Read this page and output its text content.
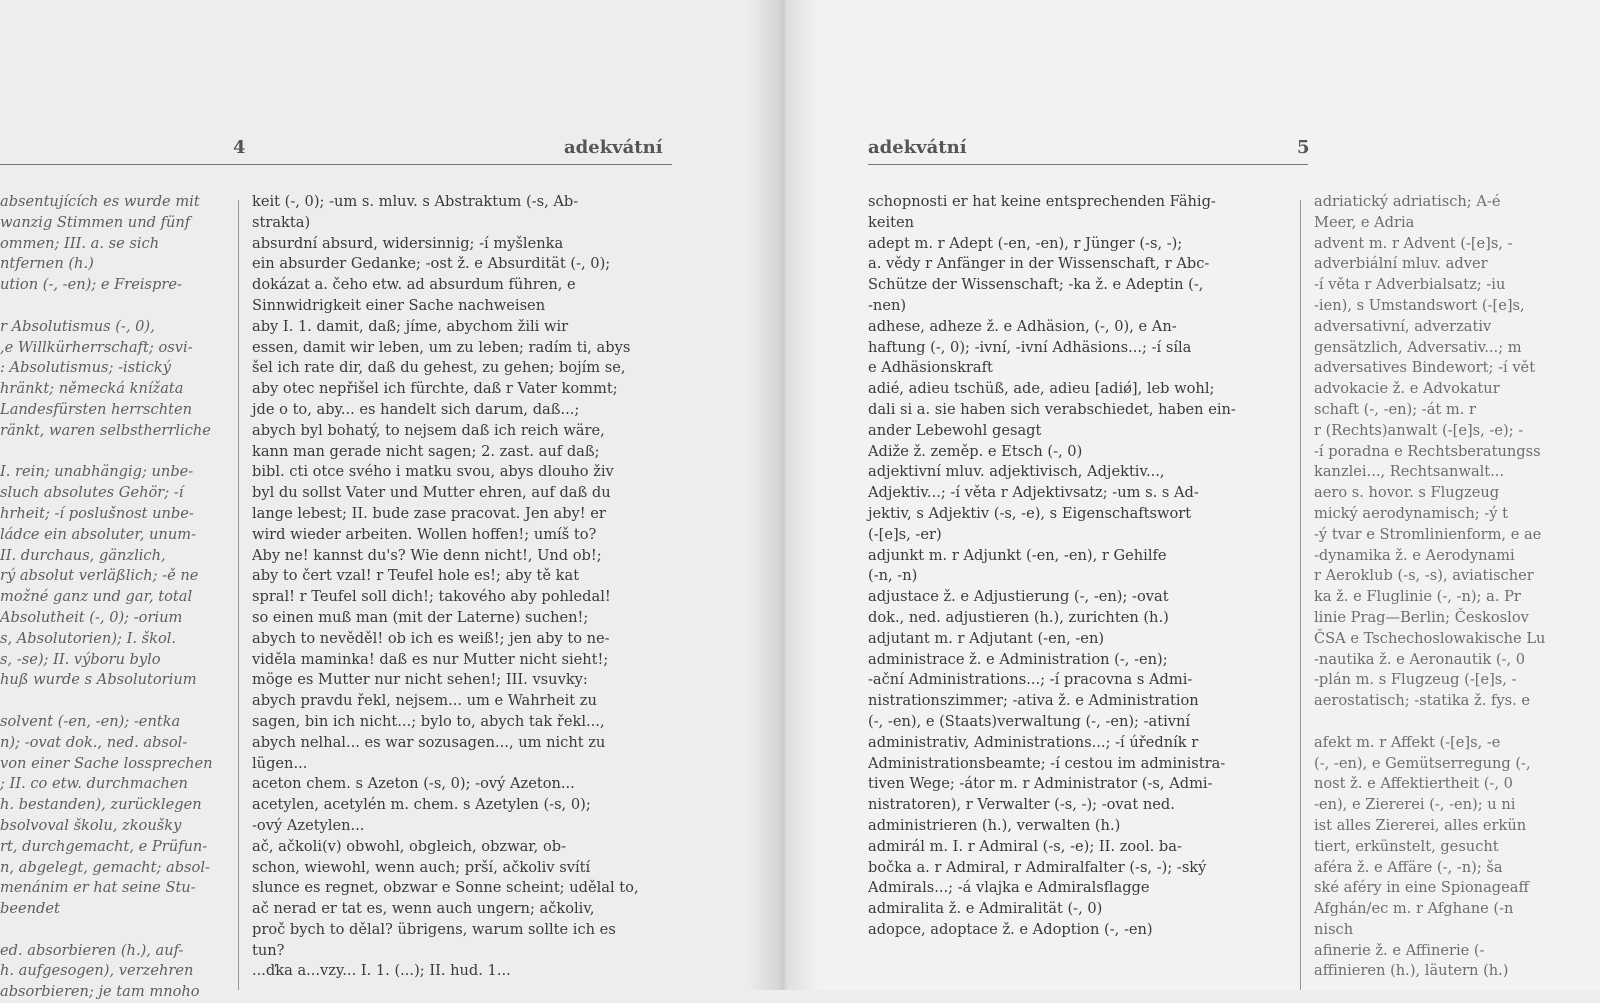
4	adekvátní
absentujících es wurde mit
wanzig Stimmen und fünf
ommen; III. a. se sich
ntfernen (h.)
ution (-, -en); e Freispre-
r Absolutismus (-, 0),
,e Willkürherrschaft; osvi-
: Absolutismus; -istický
hränkt; německá knížata
Landesfürsten herrschten
ränkt, waren selbstherrliche
I. rein; unabhängig; unbe-
sluch absolutes Gehör; -í
hrheit; -í poslušnost unbe-
ládce ein absoluter, unum-
II. durchaus, gänzlich,
rý absolut verläßlich; -ě ne
možné ganz und gar, total
Absolutheit (-, 0); -orium
s, Absolutorien); I. škol.
s, -se); II. výboru bylo
huß wurde s Absolutorium
solvent (-en, -en); -entka
n); -ovat dok., ned. absol-
von einer Sache lossprechen
; II. co etw. durchmachen
h. bestanden), zurücklegen
bsolvoval školu, zkoušky
rt, durchgemacht, e Prüfun-
n, abgelegt, gemacht; absol-
menánim er hat seine Stu-
beendet
ed. absorbieren (h.), auf-
h. aufgesogen), verzehren
absorbieren; je tam mnoho
keit (-, 0); -um s. mluv. s Abstraktum (-s, Ab-
strakta)
absurdní absurd, widersinnig; -í myšlenka
ein absurder Gedanke; -ost ž. e Absurdität (-, 0);
dokázat a. čeho etw. ad absurdum führen, e
Sinnwidrigkeit einer Sache nachweisen
aby I. 1. damit, daß; jíme, abychom žili wir
essen, damit wir leben, um zu leben; radím ti, abys
šel ich rate dir, daß du gehest, zu gehen; bojím se,
aby otec nepřišel ich fürchte, daß r Vater kommt;
jde o to, aby... es handelt sich darum, daß...;
abych byl bohatý, to nejsem daß ich reich wäre,
kann man gerade nicht sagen; 2. zast. auf daß;
bibl. cti otce svého i matku svou, abys dlouho živ
byl du sollst Vater und Mutter ehren, auf daß du
lange lebest; II. bude zase pracovat. Jen aby! er
wird wieder arbeiten. Wollen hoffen!; umíš to?
Aby ne! kannst du's? Wie denn nicht!, Und ob!;
aby to čert vzal! r Teufel hole es!; aby tě kat
spral! r Teufel soll dich!; takového aby pohledal!
so einen muß man (mit der Laterne) suchen!;
abych to nevěděl! ob ich es weiß!; jen aby to ne-
viděla maminka! daß es nur Mutter nicht sieht!;
möge es Mutter nur nicht sehen!; III. vsuvky:
abych pravdu řekl, nejsem... um e Wahrheit zu
sagen, bin ich nicht...; bylo to, abych tak řekl...,
abych nelhal... es war sozusagen..., um nicht zu
lügen...
aceton chem. s Azeton (-s, 0); -ový Azeton...
acetylen, acetylén m. chem. s Azetylen (-s, 0);
-ový Azetylen...
ač, ačkoli(v) obwohl, obgleich, obzwar, ob-
schon, wiewohl, wenn auch; prší, ačkoliv svítí
slunce es regnet, obzwar e Sonne scheint; udělal to,
ač nerad er tat es, wenn auch ungern; ačkoliv,
proč bych to dělal? übrigens, warum sollte ich es
tun?
...ďka a...vzy... I. 1. (...); II. hud. 1...
adekvátní	5
schopnosti er hat keine entsprechenden Fähig-
keiten
adept m. r Adept (-en, -en), r Jünger (-s, -);
a. vědy r Anfänger in der Wissenschaft, r Abc-
Schütze der Wissenschaft; -ka ž. e Adeptin (-,
-nen)
adhese, adheze ž. e Adhäsion, (-, 0), e An-
haftung (-, 0); -ivní, -ivní Adhäsions...; -í síla
e Adhäsionskraft
adié, adieu tschüß, ade, adieu [adiǿ], leb wohl;
dali si a. sie haben sich verabschiedet, haben ein-
ander Lebewohl gesagt
Adiže ž. zeměp. e Etsch (-, 0)
adjektivní mluv. adjektivisch, Adjektiv...,
Adjektiv...; -í věta r Adjektivsatz; -um s. s Ad-
jektiv, s Adjektiv (-s, -e), s Eigenschaftswort
(-[e]s, -er)
adjunkt m. r Adjunkt (-en, -en), r Gehilfe
(-n, -n)
adjustace ž. e Adjustierung (-, -en); -ovat
dok., ned. adjustieren (h.), zurichten (h.)
adjutant m. r Adjutant (-en, -en)
administrace ž. e Administration (-, -en);
-ační Administrations...; -í pracovna s Admi-
nistrationszimmer; -ativa ž. e Administration
(-, -en), e (Staats)verwaltung (-, -en); -ativní
administrativ, Administrations...; -í úředník r
Administrationsbeamte; -í cestou im administra-
tiven Wege; -átor m. r Administrator (-s, Admi-
nistratoren), r Verwalter (-s, -); -ovat ned.
administrieren (h.), verwalten (h.)
admirál m. I. r Admiral (-s, -e); II. zool. ba-
bočka a. r Admiral, r Admiralfalter (-s, -); -ský
Admirals...; -á vlajka e Admiralsflagge
admiralita ž. e Admiralität (-, 0)
adopce, adoptace ž. e Adoption (-, -en)
adriatický adriatisch; A-é
Meer, e Adria
advent m. r Advent (-[e]s, -
adverbiální mluv. adver
-í věta r Adverbialsatz; -iu
-ien), s Umstandswort (-[e]s,
adversativní, adverzativ
gensätzlich, Adversativ...; m
adversatives Bindewort; -í vět
advokacie ž. e Advokatur
schaft (-, -en); -át m. r
r (Rechts)anwalt (-[e]s, -e); -
-í poradna e Rechtsberatungss
kanzlei..., Rechtsanwalt...
aero s. hovor. s Flugzeug
mický aerodynamisch; -ý t
-ý tvar e Stromlinienform, e ae
-dynamika ž. e Aerodynami
r Aeroklub (-s, -s), aviatischer
ka ž. e Fluglinie (-, -n); a. Pr
linie Prag—Berlin; Českoslov
ČSA e Tschechoslowakische Lu
-nautika ž. e Aeronautik (-, 0
-plán m. s Flugzeug (-[e]s, -
aerostatisch; -statika ž. fys. e
afekt m. r Affekt (-[e]s, -e
(-, -en), e Gemütserregung (-,
nost ž. e Affektiertheit (-, 0
-en), e Ziererei (-, -en); u ni
ist alles Ziererei, alles erkün
tiert, erkünstelt, gesucht
aféra ž. e Affäre (-, -n); ša
ské aféry in eine Spionageaff
Afghán/ec m. r Afghane (-n
nisch
afinerie ž. e Affinerie (-
affinieren (h.), läutern (h.)
